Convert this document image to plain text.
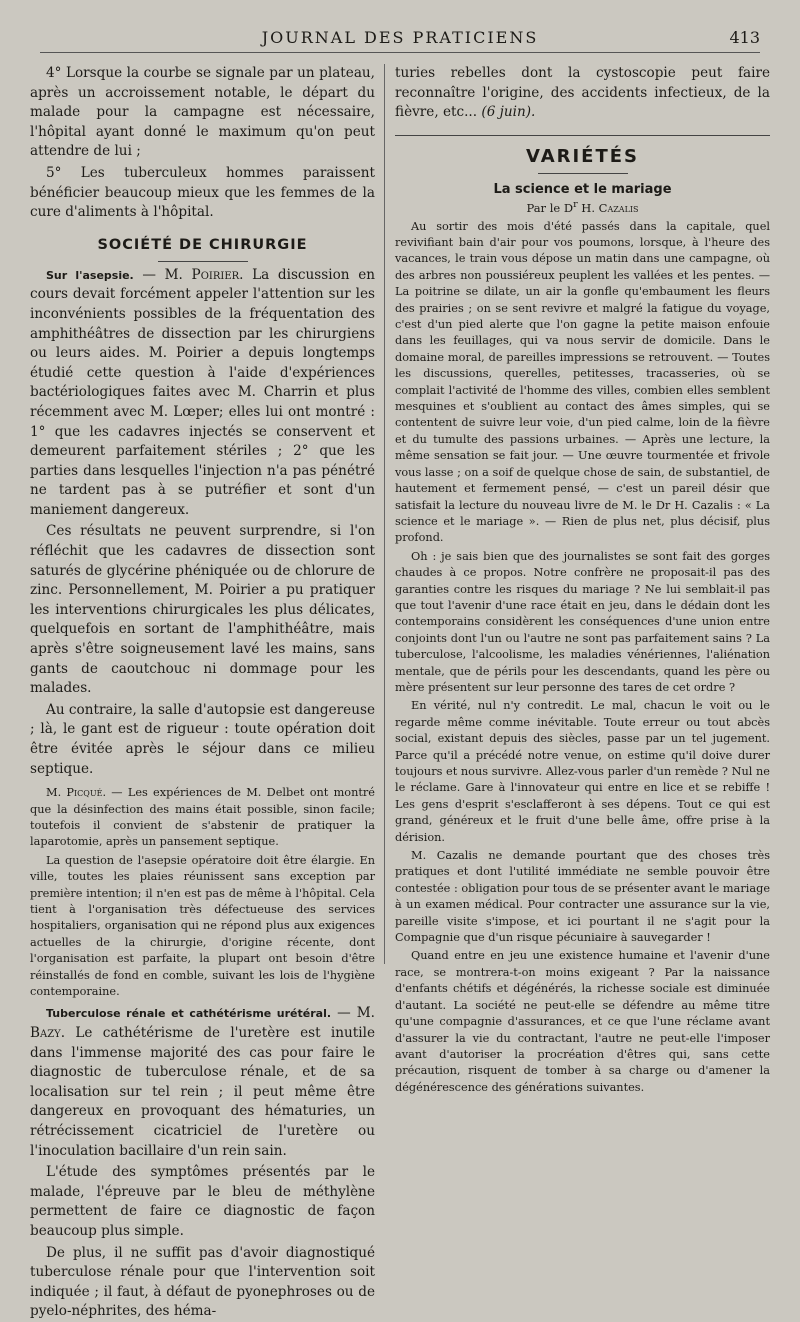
JOURNAL DES PRATICIENS	413

4° Lorsque la courbe se signale par un plateau, après un accroissement notable, le départ du malade pour la campagne est nécessaire, l'hôpital ayant donné le maximum qu'on peut attendre de lui ;

5° Les tuberculeux hommes paraissent bénéficier beaucoup mieux que les femmes de la cure d'aliments à l'hôpital.

SOCIÉTÉ DE CHIRURGIE

Sur l'asepsie. — M. Poirier. La discussion en cours devait forcément appeler l'attention sur les inconvénients possibles de la fréquentation des amphithéâtres de dissection par les chirurgiens ou leurs aides. M. Poirier a depuis longtemps étudié cette question à l'aide d'expériences bactériologiques faites avec M. Charrin et plus récemment avec M. Lœper; elles lui ont montré : 1° que les cadavres injectés se conservent et demeurent parfaitement stériles ; 2° que les parties dans lesquelles l'injection n'a pas pénétré ne tardent pas à se putréfier et sont d'un maniement dangereux.

Ces résultats ne peuvent surprendre, si l'on réfléchit que les cadavres de dissection sont saturés de glycérine phéniquée ou de chlorure de zinc. Personnellement, M. Poirier a pu pratiquer les interventions chirurgicales les plus délicates, quelquefois en sortant de l'amphithéâtre, mais après s'être soigneusement lavé les mains, sans gants de caoutchouc ni dommage pour les malades.

Au contraire, la salle d'autopsie est dangereuse ; là, le gant est de rigueur : toute opération doit être évitée après le séjour dans ce milieu septique.

M. Picqué. — Les expériences de M. Delbet ont montré que la désinfection des mains était possible, sinon facile; toutefois il convient de s'abstenir de pratiquer la laparotomie, après un pansement septique.

La question de l'asepsie opératoire doit être élargie. En ville, toutes les plaies réunissent sans exception par première intention; il n'en est pas de même à l'hôpital. Cela tient à l'organisation très défectueuse des services hospitaliers, organisation qui ne répond plus aux exigences actuelles de la chirurgie, d'origine récente, dont l'organisation est parfaite, la plupart ont besoin d'être réinstallés de fond en comble, suivant les lois de l'hygiène contemporaine.

Tuberculose rénale et cathétérisme urétéral. — M. Bazy. Le cathétérisme de l'uretère est inutile dans l'immense majorité des cas pour faire le diagnostic de tuberculose rénale, et de sa localisation sur tel rein ; il peut même être dangereux en provoquant des hématuries, un rétrécissement cicatriciel de l'uretère ou l'inoculation bacillaire d'un rein sain.

L'étude des symptômes présentés par le malade, l'épreuve par le bleu de méthylène permettent de faire ce diagnostic de façon beaucoup plus simple.

De plus, il ne suffit pas d'avoir diagnostiqué tuberculose rénale pour que l'intervention soit indiquée ; il faut, à défaut de pyonephroses ou de pyelo-néphrites, des héma-

turies rebelles dont la cystoscopie peut faire reconnaître l'origine, des accidents infectieux, de la fièvre, etc... (6 juin).

VARIÉTÉS
La science et le mariage
Par le $D^r$ H. Cazalis

Au sortir des mois d'été passés dans la capitale, quel revivifiant bain d'air pour vos poumons, lorsque, à l'heure des vacances, le train vous dépose un matin dans une campagne, où des arbres non poussiéreux peuplent les vallées et les pentes. — La poitrine se dilate, un air la gonfle qu'embaument les fleurs des prairies ; on se sent revivre et malgré la fatigue du voyage, c'est d'un pied alerte que l'on gagne la petite maison enfouie dans les feuillages, qui va nous servir de domicile. Dans le domaine moral, de pareilles impressions se retrouvent. — Toutes les discussions, querelles, petitesses, tracasseries, où se complait l'activité de l'homme des villes, combien elles semblent mesquines et s'oublient au contact des âmes simples, qui se contentent de suivre leur voie, d'un pied calme, loin de la fièvre et du tumulte des passions urbaines. — Après une lecture, la même sensation se fait jour. — Une œuvre tourmentée et frivole vous lasse ; on a soif de quelque chose de sain, de substantiel, de hautement et fermement pensé, — c'est un pareil désir que satisfait la lecture du nouveau livre de M. le Dr H. Cazalis : « La science et le mariage ». — Rien de plus net, plus décisif, plus profond.

Oh : je sais bien que des journalistes se sont fait des gorges chaudes à ce propos. Notre confrère ne proposait-il pas des garanties contre les risques du mariage ? Ne lui semblait-il pas que tout l'avenir d'une race était en jeu, dans le dédain dont les contemporains considèrent les conséquences d'une union entre conjoints dont l'un ou l'autre ne sont pas parfaitement sains ? La tuberculose, l'alcoolisme, les maladies vénériennes, l'aliénation mentale, que de périls pour les descendants, quand les père ou mère présentent sur leur personne des tares de cet ordre ?

En vérité, nul n'y contredit. Le mal, chacun le voit ou le regarde même comme inévitable. Toute erreur ou tout abcès social, existant depuis des siècles, passe par un tel jugement. Parce qu'il a précédé notre venue, on estime qu'il doive durer toujours et nous survivre. Allez-vous parler d'un remède ? Nul ne le réclame. Gare à l'innovateur qui entre en lice et se rebiffe ! Les gens d'esprit s'esclafferont à ses dépens. Tout ce qui est grand, généreux et le fruit d'une belle âme, offre prise à la dérision.

M. Cazalis ne demande pourtant que des choses très pratiques et dont l'utilité immédiate ne semble pouvoir être contestée : obligation pour tous de se présenter avant le mariage à un examen médical. Pour contracter une assurance sur la vie, pareille visite s'impose, et ici pourtant il ne s'agit pour la Compagnie que d'un risque pécuniaire à sauvegarder !

Quand entre en jeu une existence humaine et l'avenir d'une race, se montrera-t-on moins exigeant ? Par la naissance d'enfants chétifs et dégénérés, la richesse sociale est diminuée d'autant. La société ne peut-elle se défendre au même titre qu'une compagnie d'assurances, et ce que l'une réclame avant d'assurer la vie du contractant, l'autre ne peut-elle l'imposer avant d'autoriser la procréation d'êtres qui, sans cette précaution, risquent de tomber à sa charge ou d'amener la dégénérescence des générations suivantes.
